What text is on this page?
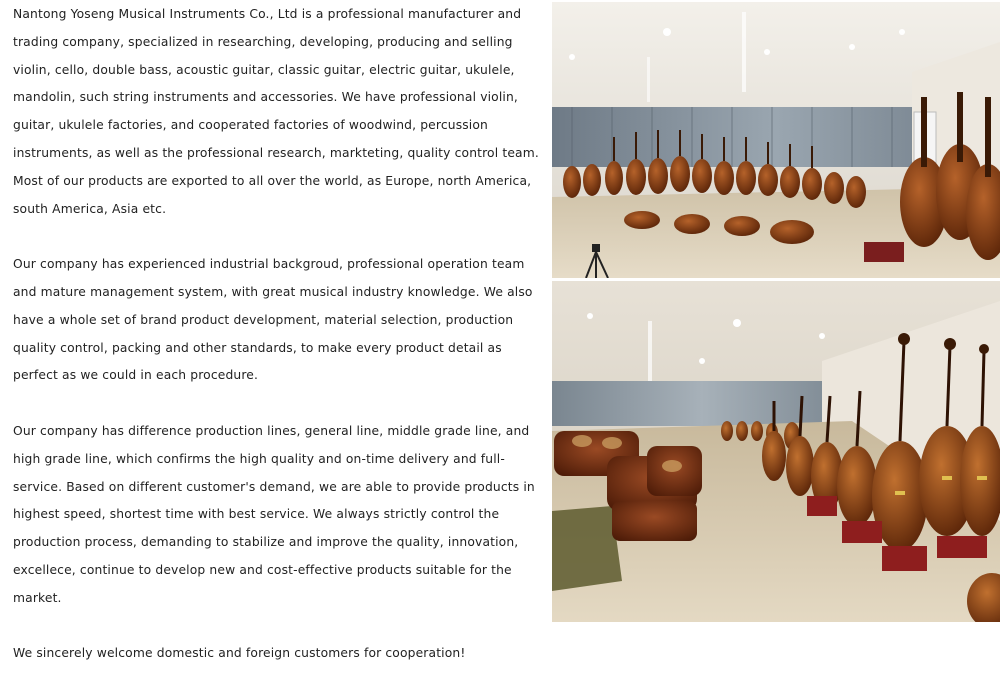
Nantong Yoseng Musical Instruments Co., Ltd is a professional manufacturer and trading company, specialized in researching, developing, producing and selling violin, cello, double bass, acoustic guitar, classic guitar, electric guitar, ukulele, mandolin, such string instruments and accessories. We have professional violin, guitar, ukulele factories, and cooperated factories of woodwind, percussion instruments, as well as the professional research, markteting, quality control team. Most of our products are exported to all over the world, as Europe, north America, south America, Asia etc.

Our company has experienced industrial backgroud, professional operation team and mature management system, with great musical industry knowledge. We also have a whole set of brand product development, material selection, production quality control, packing and other standards, to make every product detail as perfect as we could in each procedure.

Our company has difference production lines, general line, middle grade line, and high grade line, which confirms the high quality and on-time delivery and full-service. Based on different customer's demand, we are able to provide products in highest speed, shortest time with best service. We always strictly control the production process, demanding to stabilize and improve the quality, innovation, excellece, continue to develop new and cost-effective products suitable for the market.

We sincerely welcome domestic and foreign customers for cooperation!
